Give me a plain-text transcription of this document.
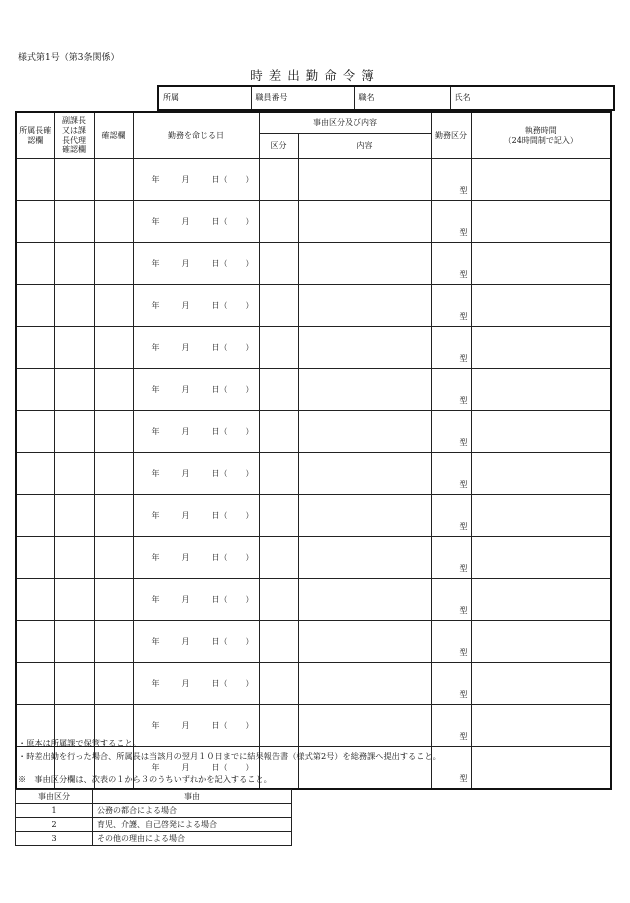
様式第1号（第3条関係）
時差出勤命令簿
所属	職員番号	職名	氏名
所属長確認欄	副課長又は課長代理確認欄	確認欄	勤務を命じる日	事由区分及び内容		勤務区分	執務時間
（24時間制で記入）

				区分	内容		
			年 月 日（ ）			型	
			年 月 日（ ）			型	
			年 月 日（ ）			型	
			年 月 日（ ）			型	
			年 月 日（ ）			型	
			年 月 日（ ）			型	
			年 月 日（ ）			型	
			年 月 日（ ）			型	
			年 月 日（ ）			型	
			年 月 日（ ）			型	
			年 月 日（ ）			型	
			年 月 日（ ）			型	
			年 月 日（ ）			型	
			年 月 日（ ）			型	
			年 月 日（ ）			型	
・原本は所属課で保管すること。
・時差出勤を行った場合、所属長は当該月の翌月１０日までに結果報告書（様式第2号）を総務課へ提出すること。
※　事由区分欄は、次表の１から３のうちいずれかを記入すること。
事由区分	事由
1	公務の都合による場合
2	育児、介護、自己啓発による場合
3	その他の理由による場合
